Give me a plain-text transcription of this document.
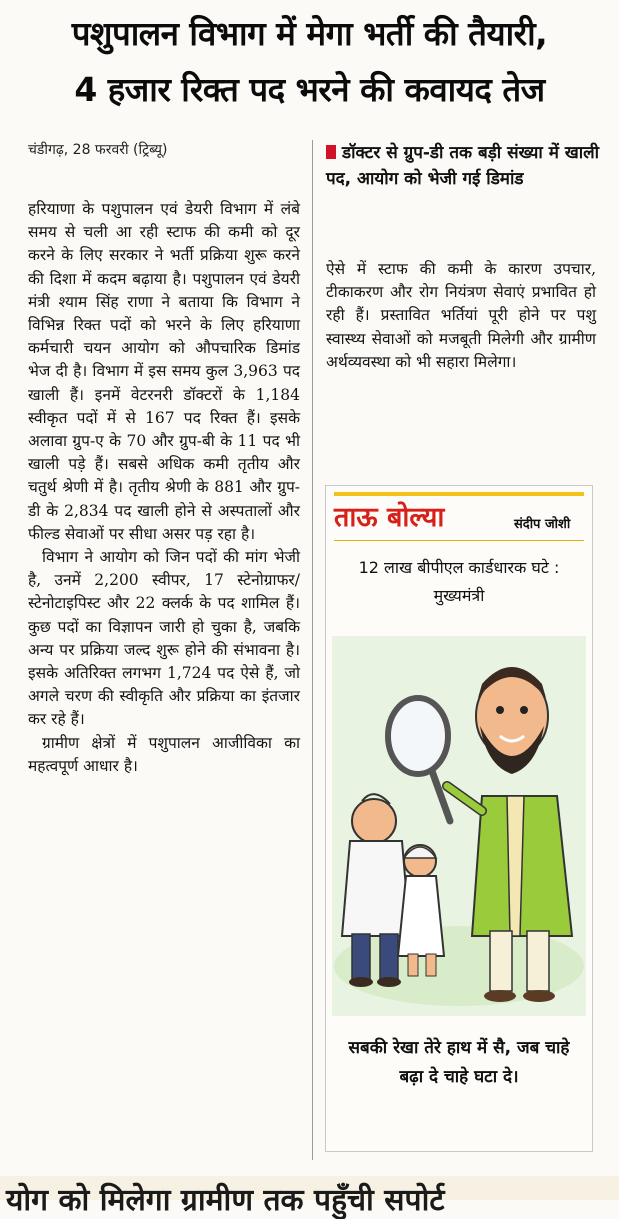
पशुपालन विभाग में मेगा भर्ती की तैयारी,
4 हजार रिक्त पद भरने की कवायद तेज
चंडीगढ़, 28 फरवरी (ट्रिब्यू)	डॉक्टर से ग्रुप-डी तक बड़ी संख्या में खाली पद, आयोग को भेजी गई डिमांड

हरियाणा के पशुपालन एवं डेयरी विभाग में लंबे समय से चली आ रही स्टाफ की कमी को दूर करने के लिए सरकार ने भर्ती प्रक्रिया शुरू करने की दिशा में कदम बढ़ाया है। पशुपालन एवं डेयरी मंत्री श्याम सिंह राणा ने बताया कि विभाग ने विभिन्न रिक्त पदों को भरने के लिए हरियाणा कर्मचारी चयन आयोग को औपचारिक डिमांड भेज दी है। विभाग में इस समय कुल 3,963 पद खाली हैं। इनमें वेटरनरी डॉक्टरों के 1,184 स्वीकृत पदों में से 167 पद रिक्त हैं। इसके अलावा ग्रुप-ए के 70 और ग्रुप-बी के 11 पद भी खाली पड़े हैं। सबसे अधिक कमी तृतीय और चतुर्थ श्रेणी में है। तृतीय श्रेणी के 881 और ग्रुप-डी के 2,834 पद खाली होने से अस्पतालों और फील्ड सेवाओं पर सीधा असर पड़ रहा है।

विभाग ने आयोग को जिन पदों की मांग भेजी है, उनमें 2,200 स्वीपर, 17 स्टेनोग्राफर/स्टेनोटाइपिस्ट और 22 क्लर्क के पद शामिल हैं। कुछ पदों का विज्ञापन जारी हो चुका है, जबकि अन्य पर प्रक्रिया जल्द शुरू होने की संभावना है। इसके अतिरिक्त लगभग 1,724 पद ऐसे हैं, जो अगले चरण की स्वीकृति और प्रक्रिया का इंतजार कर रहे हैं।

ग्रामीण क्षेत्रों में पशुपालन आजीविका का महत्वपूर्ण आधार है।

ऐसे में स्टाफ की कमी के कारण उपचार, टीकाकरण और रोग नियंत्रण सेवाएं प्रभावित हो रही हैं। प्रस्तावित भर्तियां पूरी होने पर पशु स्वास्थ्य सेवाओं को मजबूती मिलेगी और ग्रामीण अर्थव्यवस्था को भी सहारा मिलेगा।

ताऊ बोल्या	संदीप जोशी
12 लाख बीपीएल कार्डधारक घटे : मुख्यमंत्री
सबकी रेखा तेरे हाथ में सै, जब चाहे बढ़ा दे चाहे घटा दे।
योग को मिलेगा ग्रामीण तक पहुँची सपोर्ट
